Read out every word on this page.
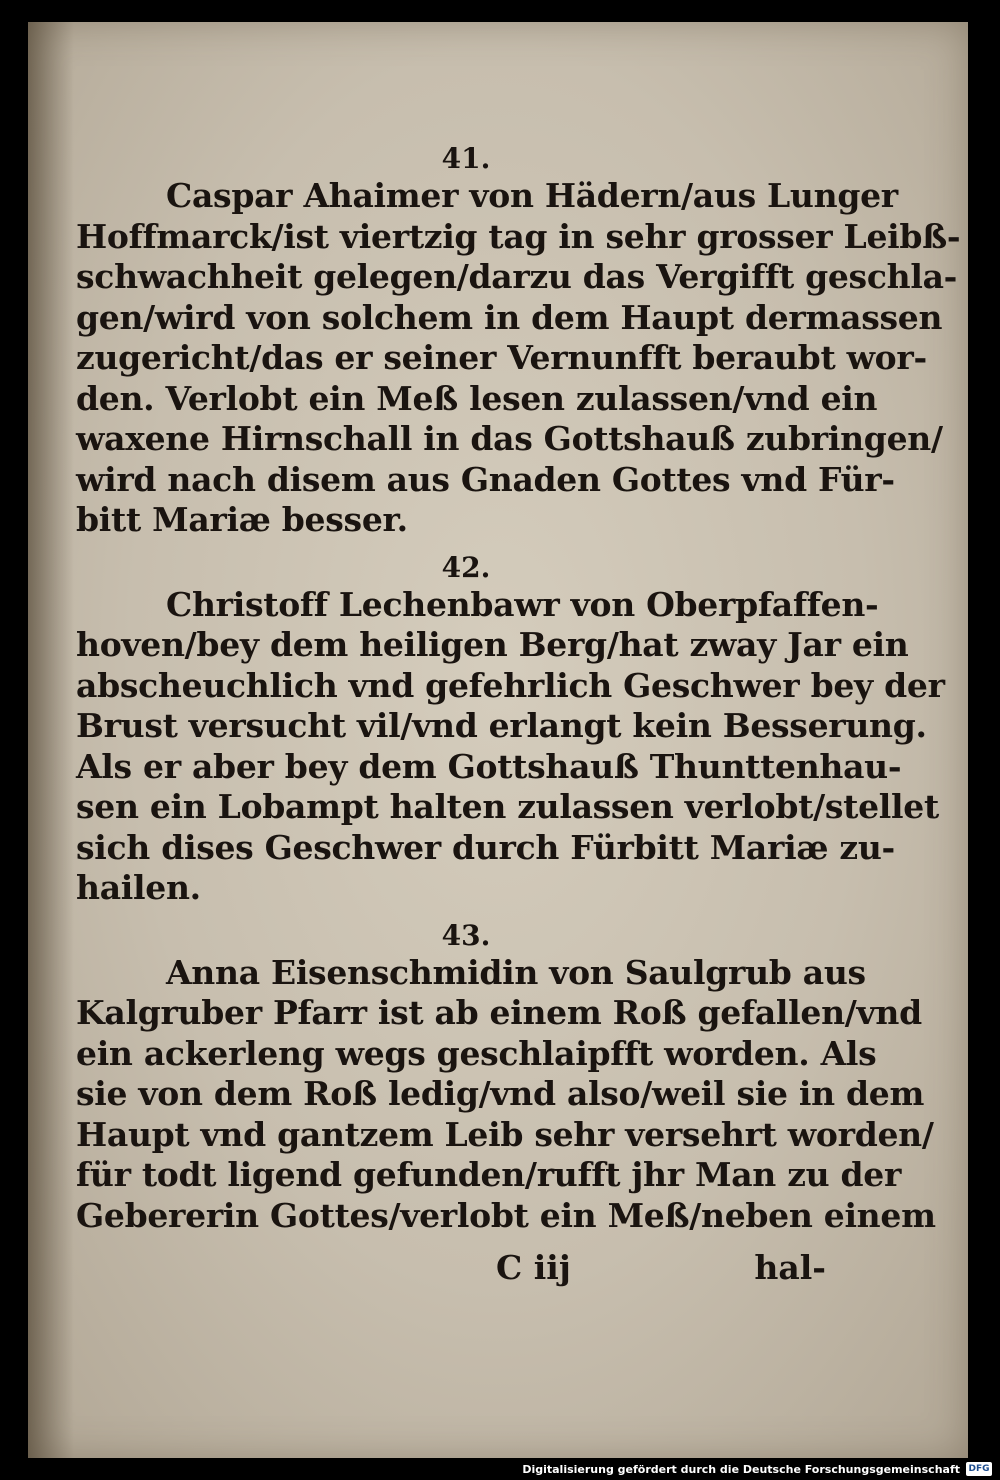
41.
Caspar Ahaimer von Hädern/aus Lunger
Hoffmarck/ist viertzig tag in sehr grosser Leibß-
schwachheit gelegen/darzu das Vergifft geschla-
gen/wird von solchem in dem Haupt dermassen
zugericht/das er seiner Vernunfft beraubt wor-
den. Verlobt ein Meß lesen zulassen/vnd ein
waxene Hirnschall in das Gottshauß zubringen/
wird nach disem aus Gnaden Gottes vnd Für-
bitt Mariæ besser.
42.
Christoff Lechenbawr von Oberpfaffen-
hoven/bey dem heiligen Berg/hat zway Jar ein
abscheuchlich vnd gefehrlich Geschwer bey der
Brust versucht vil/vnd erlangt kein Besserung.
Als er aber bey dem Gottshauß Thunttenhau-
sen ein Lobampt halten zulassen verlobt/stellet
sich dises Geschwer durch Fürbitt Mariæ zu-
hailen.
43.
Anna Eisenschmidin von Saulgrub aus
Kalgruber Pfarr ist ab einem Roß gefallen/vnd
ein ackerleng wegs geschlaipfft worden. Als
sie von dem Roß ledig/vnd also/weil sie in dem
Haupt vnd gantzem Leib sehr versehrt worden/
für todt ligend gefunden/rufft jhr Man zu der
Gebererin Gottes/verlobt ein Meß/neben einem
C iij	hal-
Digitalisierung gefördert durch die Deutsche Forschungsgemeinschaft DFG
